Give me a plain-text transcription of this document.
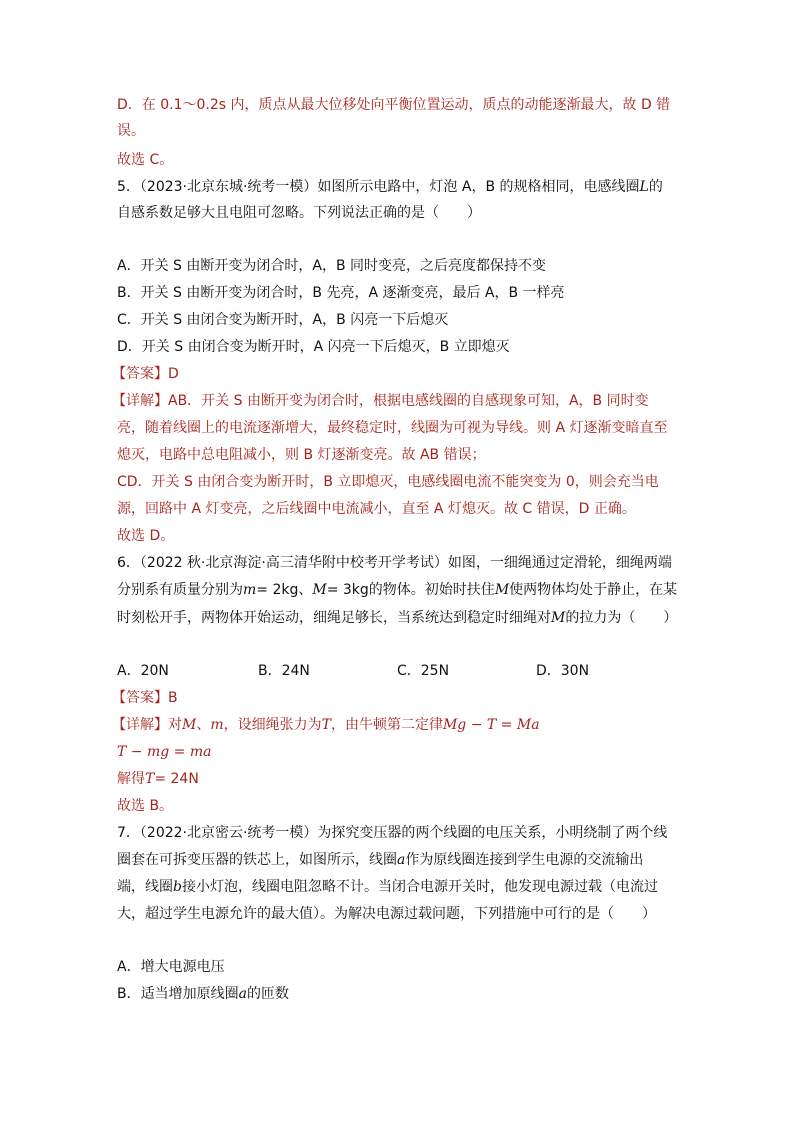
D．在 0.1～0.2s 内，质点从最大位移处向平衡位置运动，质点的动能逐渐最大，故 D 错
误。
故选 C。
5．（2023·北京东城·统考一模）如图所示电路中，灯泡 A，B 的规格相同，电感线圈L的
自感系数足够大且电阻可忽略。下列说法正确的是（　　）
A．开关 S 由断开变为闭合时，A，B 同时变亮，之后亮度都保持不变
B．开关 S 由断开变为闭合时，B 先亮，A 逐渐变亮，最后 A，B 一样亮
C．开关 S 由闭合变为断开时，A，B 闪亮一下后熄灭
D．开关 S 由闭合变为断开时，A 闪亮一下后熄灭，B 立即熄灭
【答案】D
【详解】AB．开关 S 由断开变为闭合时，根据电感线圈的自感现象可知，A，B 同时变
亮，随着线圈上的电流逐渐增大，最终稳定时，线圈为可视为导线。则 A 灯逐渐变暗直至
熄灭，电路中总电阻减小，则 B 灯逐渐变亮。故 AB 错误；
CD．开关 S 由闭合变为断开时，B 立即熄灭，电感线圈电流不能突变为 0，则会充当电
源，回路中 A 灯变亮，之后线圈中电流减小，直至 A 灯熄灭。故 C 错误，D 正确。
故选 D。
6．（2022 秋·北京海淀·高三清华附中校考开学考试）如图，一细绳通过定滑轮，细绳两端
分别系有质量分别为m= 2kg、M= 3kg的物体。初始时扶住M使两物体均处于静止，在某
时刻松开手，两物体开始运动，细绳足够长，当系统达到稳定时细绳对M的拉力为（　　）
A．20N	B．24N	C．25N	D．30N
【答案】B
【详解】对M、m，设细绳张力为T，由牛顿第二定律Mg − T = Ma
T − mg = ma
解得T= 24N
故选 B。
7．（2022·北京密云·统考一模）为探究变压器的两个线圈的电压关系，小明绕制了两个线
圈套在可拆变压器的铁芯上，如图所示，线圈a作为原线圈连接到学生电源的交流输出
端，线圈b接小灯泡，线圈电阻忽略不计。当闭合电源开关时，他发现电源过载（电流过
大，超过学生电源允许的最大值）。为解决电源过载问题，下列措施中可行的是（　　）
A．增大电源电压
B．适当增加原线圈a的匝数
